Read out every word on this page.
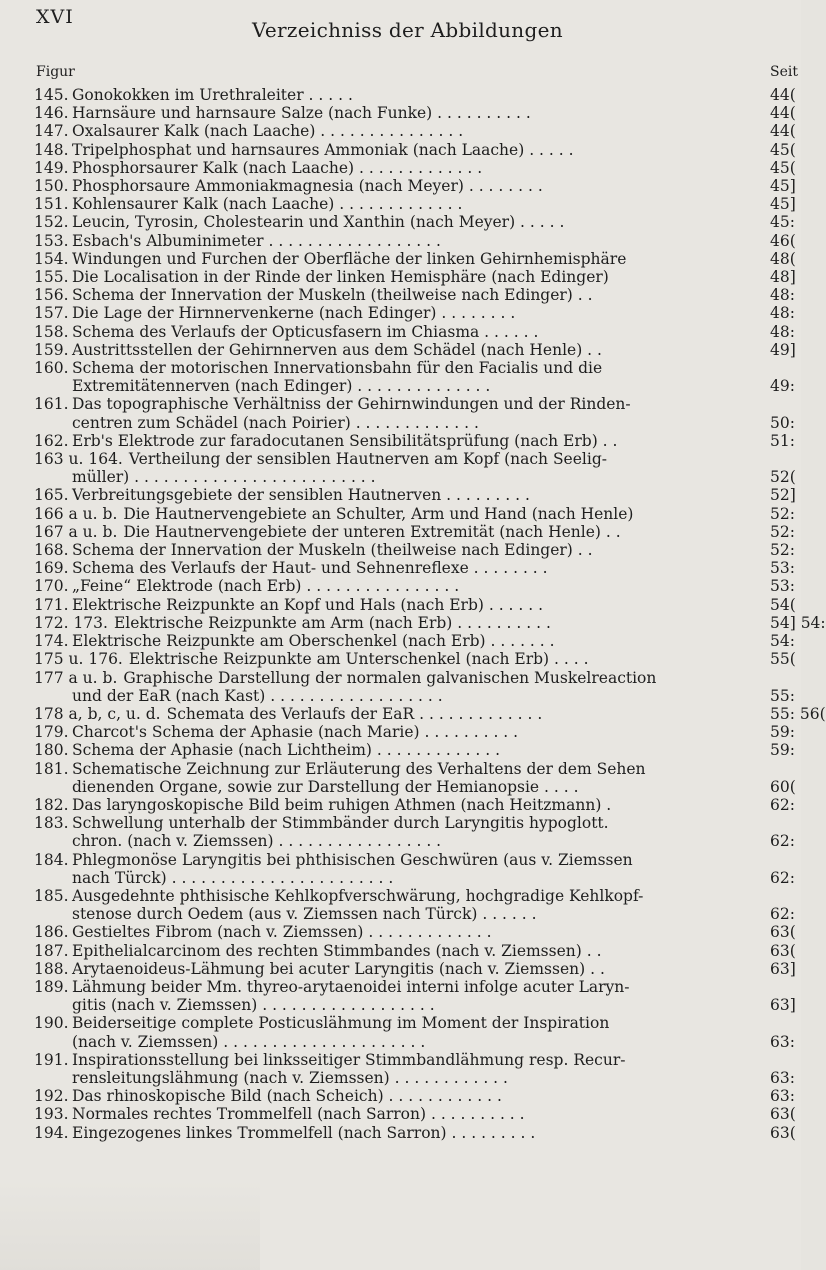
XVI
Verzeichniss der Abbildungen
Figur	Seit
145. Gonokokken im Urethraleiter . . . . .	44(
146. Harnsäure und harnsaure Salze (nach Funke) . . . . . . . . . .	44(
147. Oxalsaurer Kalk (nach Laache) . . . . . . . . . . . . . . .	44(
148. Tripelphosphat und harnsaures Ammoniak (nach Laache) . . . . .	45(
149. Phosphorsaurer Kalk (nach Laache) . . . . . . . . . . . . .	45(
150. Phosphorsaure Ammoniakmagnesia (nach Meyer) . . . . . . . .	45]
151. Kohlensaurer Kalk (nach Laache) . . . . . . . . . . . . .	45]
152. Leucin, Tyrosin, Cholestearin und Xanthin (nach Meyer) . . . . .	45:
153. Esbach's Albuminimeter . . . . . . . . . . . . . . . . . .	46(
154. Windungen und Furchen der Oberfläche der linken Gehirnhemisphäre	48(
155. Die Localisation in der Rinde der linken Hemisphäre (nach Edinger)	48]
156. Schema der Innervation der Muskeln (theilweise nach Edinger) . .	48:
157. Die Lage der Hirnnervenkerne (nach Edinger) . . . . . . . .	48:
158. Schema des Verlaufs der Opticusfasern im Chiasma . . . . . .	48:
159. Austrittsstellen der Gehirnnerven aus dem Schädel (nach Henle) . .	49]
160. Schema der motorischen Innervationsbahn für den Facialis und die
Extremitätennerven (nach Edinger) . . . . . . . . . . . . . .	49:
161. Das topographische Verhältniss der Gehirnwindungen und der Rinden-
centren zum Schädel (nach Poirier) . . . . . . . . . . . . .	50:
162. Erb's Elektrode zur faradocutanen Sensibilitätsprüfung (nach Erb) . .	51:
163 u. 164. Vertheilung der sensiblen Hautnerven am Kopf (nach Seelig-
müller) . . . . . . . . . . . . . . . . . . . . . . . . .	52(
165. Verbreitungsgebiete der sensiblen Hautnerven . . . . . . . . .	52]
166 a u. b. Die Hautnervengebiete an Schulter, Arm und Hand (nach Henle)	52:
167 a u. b. Die Hautnervengebiete der unteren Extremität (nach Henle) . .	52:
168. Schema der Innervation der Muskeln (theilweise nach Edinger) . .	52:
169. Schema des Verlaufs der Haut- und Sehnenreflexe . . . . . . . .	53:
170. „Feine“ Elektrode (nach Erb) . . . . . . . . . . . . . . . .	53:
171. Elektrische Reizpunkte an Kopf und Hals (nach Erb) . . . . . .	54(
172. 173. Elektrische Reizpunkte am Arm (nach Erb) . . . . . . . . . .	54] 54:
174. Elektrische Reizpunkte am Oberschenkel (nach Erb) . . . . . . .	54:
175 u. 176. Elektrische Reizpunkte am Unterschenkel (nach Erb) . . . .	55(
177 a u. b. Graphische Darstellung der normalen galvanischen Muskelreaction
und der EaR (nach Kast) . . . . . . . . . . . . . . . . . .	55:
178 a, b, c, u. d. Schemata des Verlaufs der EaR . . . . . . . . . . . . .	55: 56(
179. Charcot's Schema der Aphasie (nach Marie) . . . . . . . . . .	59:
180. Schema der Aphasie (nach Lichtheim) . . . . . . . . . . . . .	59:
181. Schematische Zeichnung zur Erläuterung des Verhaltens der dem Sehen
dienenden Organe, sowie zur Darstellung der Hemianopsie . . . .	60(
182. Das laryngoskopische Bild beim ruhigen Athmen (nach Heitzmann) .	62:
183. Schwellung unterhalb der Stimmbänder durch Laryngitis hypoglott.
chron. (nach v. Ziemssen) . . . . . . . . . . . . . . . . .	62:
184. Phlegmonöse Laryngitis bei phthisischen Geschwüren (aus v. Ziemssen
nach Türck) . . . . . . . . . . . . . . . . . . . . . . .	62:
185. Ausgedehnte phthisische Kehlkopfverschwärung, hochgradige Kehlkopf-
stenose durch Oedem (aus v. Ziemssen nach Türck) . . . . . .	62:
186. Gestieltes Fibrom (nach v. Ziemssen) . . . . . . . . . . . . .	63(
187. Epithelialcarcinom des rechten Stimmbandes (nach v. Ziemssen) . .	63(
188. Arytaenoideus-Lähmung bei acuter Laryngitis (nach v. Ziemssen) . .	63]
189. Lähmung beider Mm. thyreo-arytaenoidei interni infolge acuter Laryn-
gitis (nach v. Ziemssen) . . . . . . . . . . . . . . . . . .	63]
190. Beiderseitige complete Posticuslähmung im Moment der Inspiration
(nach v. Ziemssen) . . . . . . . . . . . . . . . . . . . . .	63:
191. Inspirationsstellung bei linksseitiger Stimmbandlähmung resp. Recur-
rensleitungslähmung (nach v. Ziemssen) . . . . . . . . . . . .	63:
192. Das rhinoskopische Bild (nach Scheich) . . . . . . . . . . . .	63:
193. Normales rechtes Trommelfell (nach Sarron) . . . . . . . . . .	63(
194. Eingezogenes linkes Trommelfell (nach Sarron) . . . . . . . . .	63(
